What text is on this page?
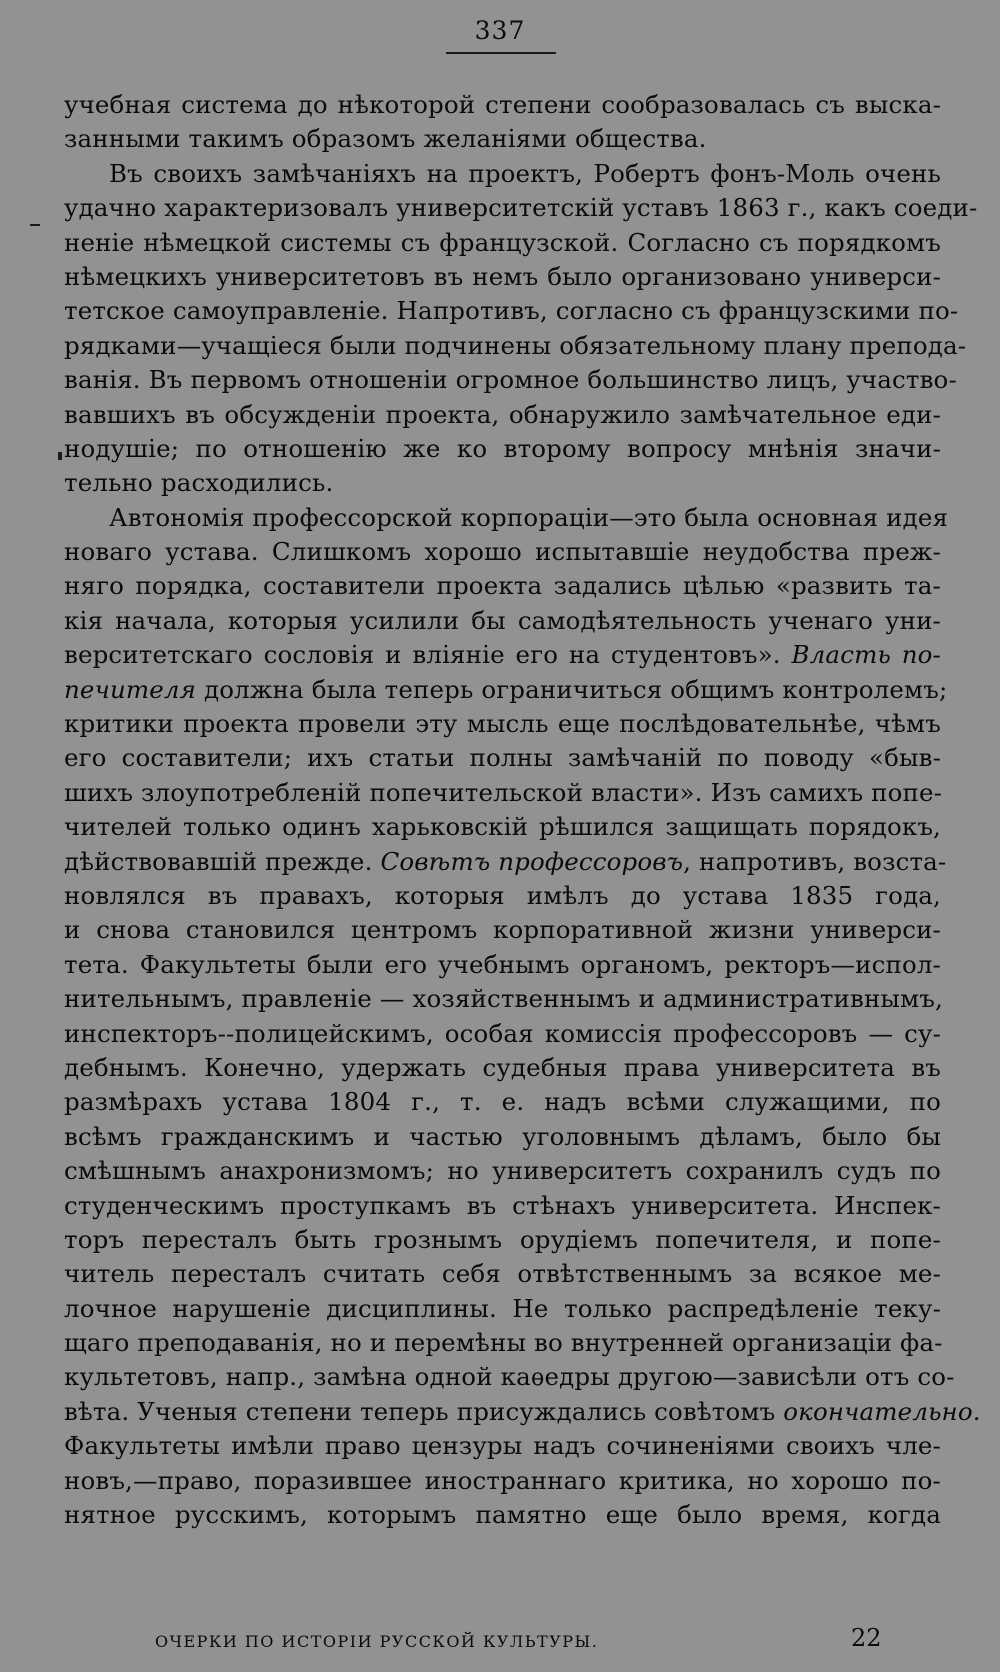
337
учебная система до нѣкоторой степени сообразовалась съ выска-
занными такимъ образомъ желаніями общества.
Въ своихъ замѣчаніяхъ на проектъ, Робертъ фонъ-Моль очень
удачно характеризовалъ университетскій уставъ 1863 г., какъ соеди-
неніе нѣмецкой системы съ французской. Согласно съ порядкомъ
нѣмецкихъ университетовъ въ немъ было организовано универси-
тетское самоуправленіе. Напротивъ, согласно съ французскими по-
рядками—учащіеся были подчинены обязательному плану преподa-
ванія. Въ первомъ отношеніи огромное большинство лицъ, участво-
вавшихъ въ обсужденіи проекта, обнаружило замѣчательное еди-
нодушіе; по отношенію же ко второму вопросу мнѣнія значи-
тельно расходились.
Автономія профессорской корпораціи—это была основная идея
новаго устава. Слишкомъ хорошо испытавшіе неудобства преж-
няго порядка, составители проекта задались цѣлью «развить та-
кія начала, которыя усилили бы самодѣятельность ученаго уни-
верситетскаго сословія и вліяніе его на студентовъ». Власть по-
печителя должна была теперь ограничиться общимъ контролемъ;
критики проекта провели эту мысль еще послѣдовательнѣе, чѣмъ
его составители; ихъ статьи полны замѣчаній по поводу «быв-
шихъ злоупотребленій попечительской власти». Изъ самихъ попе-
чителей только одинъ харьковскій рѣшился защищать порядокъ,
дѣйствовавшій прежде. Совѣтъ профессоровъ, напротивъ, возста-
новлялся въ правахъ, которыя имѣлъ до устава 1835 года,
и снова становился центромъ корпоративной жизни универси-
тета. Факультеты были его учебнымъ органомъ, ректоръ—испол-
нительнымъ, правленіе — хозяйственнымъ и административнымъ,
инспекторъ--полицейскимъ, особая комиссія профессоровъ — су-
дебнымъ. Конечно, удержать судебныя права университета въ
размѣрахъ устава 1804 г., т. е. надъ всѣми служащими, по
всѣмъ гражданскимъ и частью уголовнымъ дѣламъ, было бы
смѣшнымъ анахронизмомъ; но университетъ сохранилъ судъ по
студенческимъ проступкамъ въ стѣнахъ университета. Инспек-
торъ пересталъ быть грознымъ орудіемъ попечителя, и попе-
читель пересталъ считать себя отвѣтственнымъ за всякое ме-
лочное нарушеніе дисциплины. Не только распредѣленіе теку-
щаго преподаванія, но и перемѣны во внутренней организаціи фа-
культетовъ, напр., замѣна одной каѳедры другою—зависѣли отъ со-
вѣта. Ученыя степени теперь присуждались совѣтомъ окончательно.
Факультеты имѣли право цензуры надъ сочиненіями своихъ чле-
новъ,—право, поразившее иностраннаго критика, но хорошо по-
нятное русскимъ, которымъ памятно еще было время, когда
ОЧЕРКИ ПО ИСТОРІИ РУССКОЙ КУЛЬТУРЫ.	22
